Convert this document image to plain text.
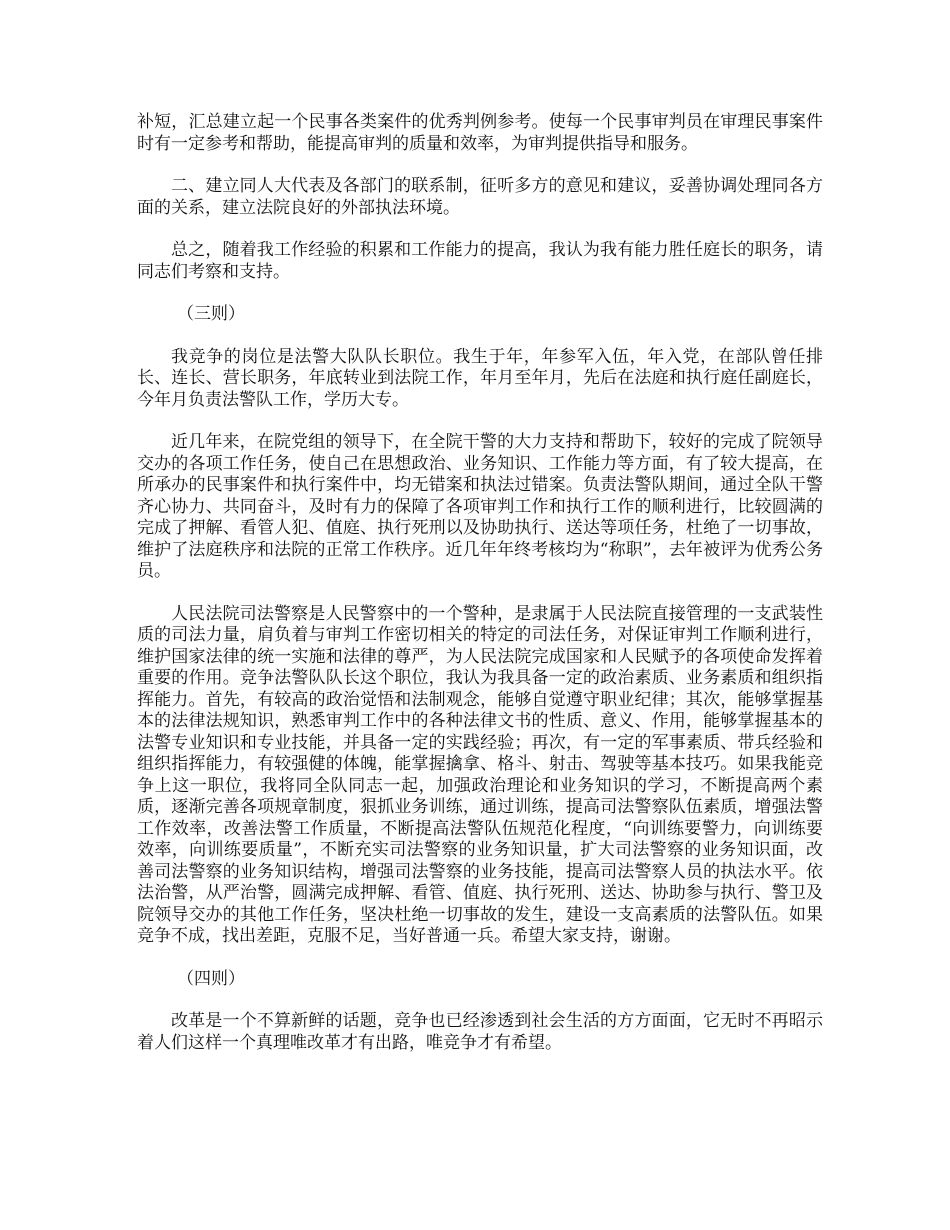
补短，汇总建立起一个民事各类案件的优秀判例参考。使每一个民事审判员在审理民事案件时有一定参考和帮助，能提高审判的质量和效率，为审判提供指导和服务。

二、建立同人大代表及各部门的联系制，征听多方的意见和建议，妥善协调处理同各方面的关系，建立法院良好的外部执法环境。

总之，随着我工作经验的积累和工作能力的提高，我认为我有能力胜任庭长的职务，请同志们考察和支持。

（三则）

我竞争的岗位是法警大队队长职位。我生于年，年参军入伍，年入党，在部队曾任排长、连长、营长职务，年底转业到法院工作，年月至年月，先后在法庭和执行庭任副庭长，今年月负责法警队工作，学历大专。

近几年来，在院党组的领导下，在全院干警的大力支持和帮助下，较好的完成了院领导交办的各项工作任务，使自己在思想政治、业务知识、工作能力等方面，有了较大提高，在所承办的民事案件和执行案件中，均无错案和执法过错案。负责法警队期间，通过全队干警齐心协力、共同奋斗，及时有力的保障了各项审判工作和执行工作的顺利进行，比较圆满的完成了押解、看管人犯、值庭、执行死刑以及协助执行、送达等项任务，杜绝了一切事故，维护了法庭秩序和法院的正常工作秩序。近几年年终考核均为“称职”，去年被评为优秀公务员。

人民法院司法警察是人民警察中的一个警种，是隶属于人民法院直接管理的一支武装性质的司法力量，肩负着与审判工作密切相关的特定的司法任务，对保证审判工作顺利进行，维护国家法律的统一实施和法律的尊严，为人民法院完成国家和人民赋予的各项使命发挥着重要的作用。竞争法警队队长这个职位，我认为我具备一定的政治素质、业务素质和组织指挥能力。首先，有较高的政治觉悟和法制观念，能够自觉遵守职业纪律；其次，能够掌握基本的法律法规知识，熟悉审判工作中的各种法律文书的性质、意义、作用，能够掌握基本的法警专业知识和专业技能，并具备一定的实践经验；再次，有一定的军事素质、带兵经验和组织指挥能力，有较强健的体魄，能掌握擒拿、格斗、射击、驾驶等基本技巧。如果我能竞争上这一职位，我将同全队同志一起，加强政治理论和业务知识的学习，不断提高两个素质，逐渐完善各项规章制度，狠抓业务训练，通过训练，提高司法警察队伍素质，增强法警工作效率，改善法警工作质量，不断提高法警队伍规范化程度，“向训练要警力，向训练要效率，向训练要质量”，不断充实司法警察的业务知识量，扩大司法警察的业务知识面，改善司法警察的业务知识结构，增强司法警察的业务技能，提高司法警察人员的执法水平。依法治警，从严治警，圆满完成押解、看管、值庭、执行死刑、送达、协助参与执行、警卫及院领导交办的其他工作任务，坚决杜绝一切事故的发生，建设一支高素质的法警队伍。如果竞争不成，找出差距，克服不足，当好普通一兵。希望大家支持，谢谢。

（四则）

改革是一个不算新鲜的话题，竞争也已经渗透到社会生活的方方面面，它无时不再昭示着人们这样一个真理唯改革才有出路，唯竞争才有希望。
